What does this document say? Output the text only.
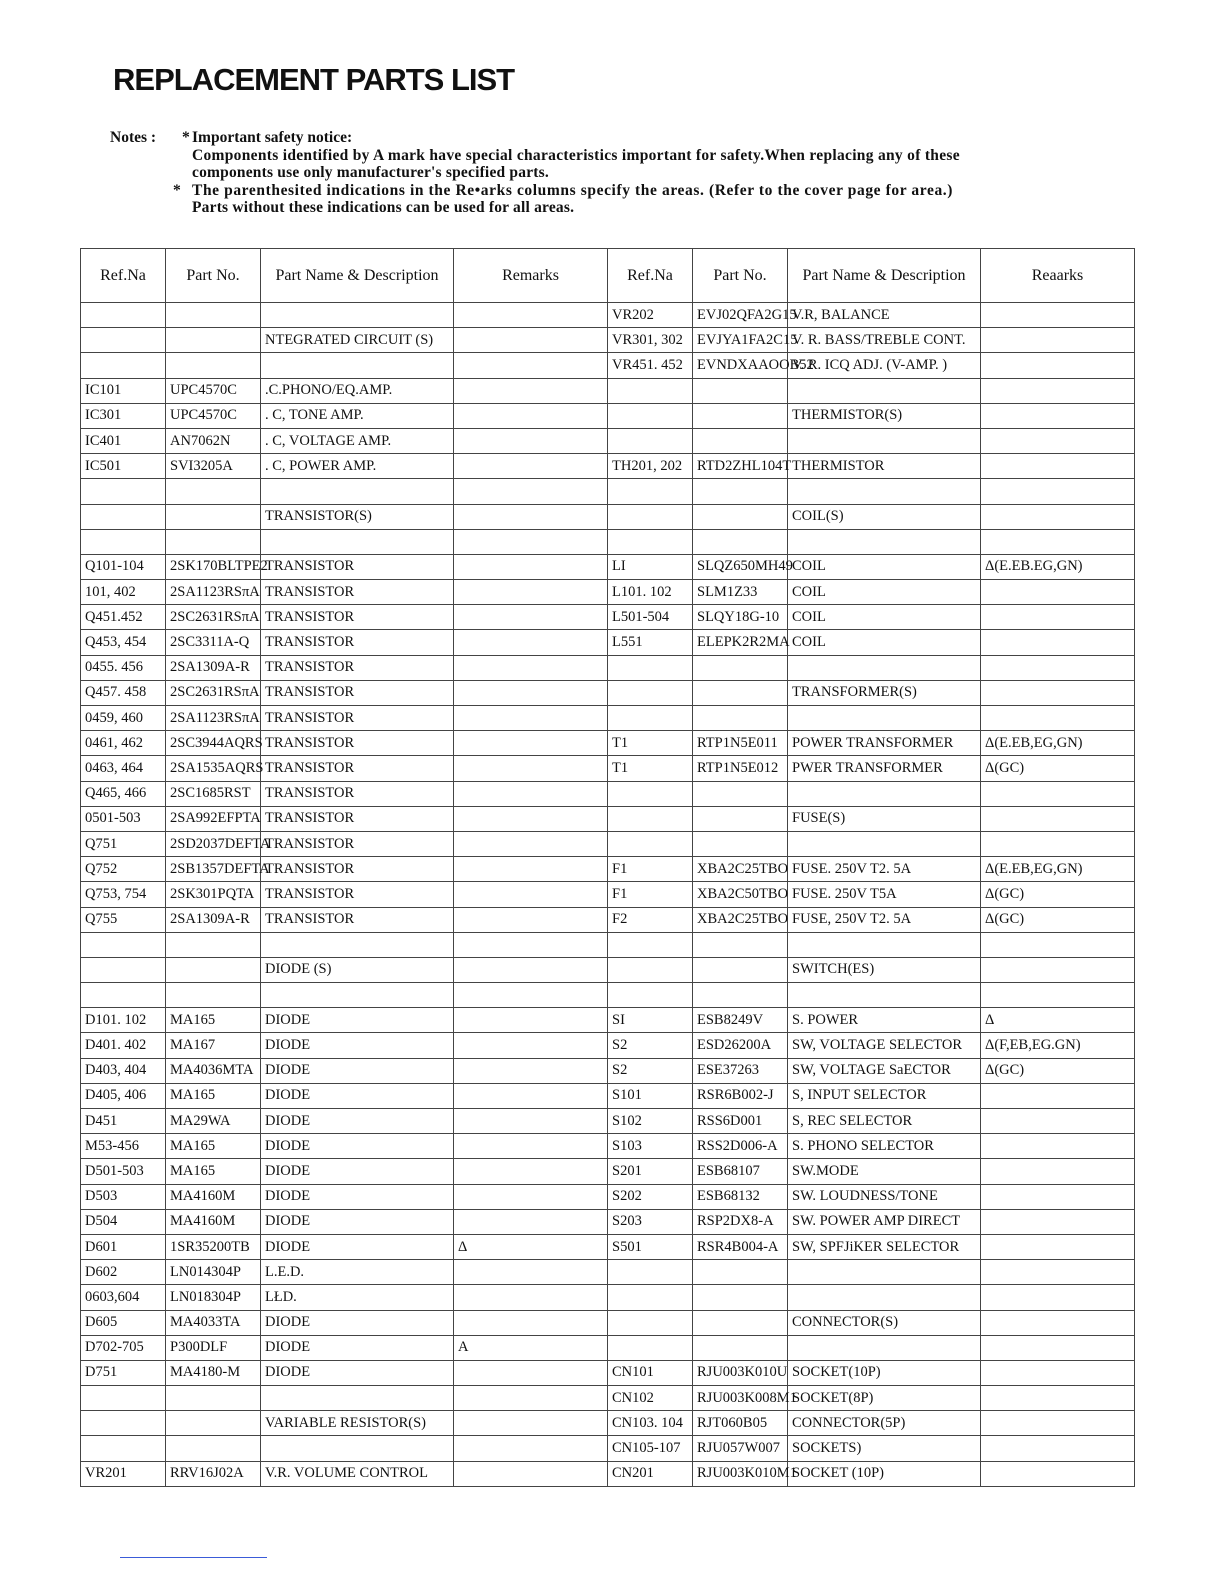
REPLACEMENT PARTS LIST
Notes : * Important safety notice:
Components identified by A mark have special characteristics important for safety.When replacing any of these
components use only manufacturer's specified parts.
* The parenthesited indications in the Re•arks columns specify the areas. (Refer to the cover page for area.)
Parts without these indications can be used for all areas.
Ref.Na	Part No.	Part Name & Description	Remarks	Ref.Na	Part No.	Part Name & Description	Reaarks
				VR202	EVJ02QFA2G15	V.R, BALANCE	
		NTEGRATED CIRCUIT (S)		VR301, 302	EVJYA1FA2C15	V. R. BASS/TREBLE CONT.	
				VR451. 452	EVNDXAAOOB52	V. R. ICQ ADJ. (V-AMP. )	
IC101	UPC4570C	.C.PHONO/EQ.AMP.					
IC301	UPC4570C	. C, TONE AMP.				THERMISTOR(S)	
IC401	AN7062N	. C, VOLTAGE AMP.					
IC501	SVI3205A	. C, POWER AMP.		TH201, 202	RTD2ZHL104T	THERMISTOR	

		TRANSISTOR(S)				COIL(S)	

Q101-104	2SK170BLTPE2	TRANSISTOR		LI	SLQZ650MH49	COIL	Δ(E.EB.EG,GN)
101, 402	2SA1123RSπA	TRANSISTOR		L101. 102	SLM1Z33	COIL	
Q451.452	2SC2631RSπA	TRANSISTOR		L501-504	SLQY18G-10	COIL	
Q453, 454	2SC3311A-Q	TRANSISTOR		L551	ELEPK2R2MA	COIL	
0455. 456	2SA1309A-R	TRANSISTOR					
Q457. 458	2SC2631RSπA	TRANSISTOR				TRANSFORMER(S)	
0459, 460	2SA1123RSπA	TRANSISTOR					
0461, 462	2SC3944AQRS	TRANSISTOR		T1	RTP1N5E011	POWER TRANSFORMER	Δ(E.EB,EG,GN)
0463, 464	2SA1535AQRS	TRANSISTOR		T1	RTP1N5E012	PWER TRANSFORMER	Δ(GC)
Q465, 466	2SC1685RST	TRANSISTOR					
0501-503	2SA992EFPTA	TRANSISTOR				FUSE(S)	
Q751	2SD2037DEFTA	TRANSISTOR					
Q752	2SB1357DEFTA	TRANSISTOR		F1	XBA2C25TBO	FUSE. 250V T2. 5A	Δ(E.EB,EG,GN)
Q753, 754	2SK301PQTA	TRANSISTOR		F1	XBA2C50TBO	FUSE. 250V T5A	Δ(GC)
Q755	2SA1309A-R	TRANSISTOR		F2	XBA2C25TBO	FUSE, 250V T2. 5A	Δ(GC)

		DIODE (S)				SWITCH(ES)	

D101. 102	MA165	DIODE		SI	ESB8249V	S. POWER	Δ
D401. 402	MA167	DIODE		S2	ESD26200A	SW, VOLTAGE SELECTOR	Δ(F,EB,EG.GN)
D403, 404	MA4036MTA	DIODE		S2	ESE37263	SW, VOLTAGE SaECTOR	Δ(GC)
D405, 406	MA165	DIODE		S101	RSR6B002-J	S, INPUT SELECTOR	
D451	MA29WA	DIODE		S102	RSS6D001	S, REC SELECTOR	
M53-456	MA165	DIODE		S103	RSS2D006-A	S. PHONO SELECTOR	
D501-503	MA165	DIODE		S201	ESB68107	SW.MODE	
D503	MA4160M	DIODE		S202	ESB68132	SW. LOUDNESS/TONE	
D504	MA4160M	DIODE		S203	RSP2DX8-A	SW. POWER AMP DIRECT	
D601	1SR35200TB	DIODE	Δ	S501	RSR4B004-A	SW, SPFJiKER SELECTOR	
D602	LN014304P	L.E.D.					
0603,604	LN018304P	LŁD.					
D605	MA4033TA	DIODE				CONNECTOR(S)	
D702-705	P300DLF	DIODE	A				
D751	MA4180-M	DIODE		CN101	RJU003K010U	SOCKET(10P)	
				CN102	RJU003K008M1	SOCKET(8P)	
		VARIABLE RESISTOR(S)		CN103. 104	RJT060B05	CONNECTOR(5P)	
				CN105-107	RJU057W007	SOCKETS)	
VR201	RRV16J02A	V.R. VOLUME CONTROL		CN201	RJU003K010M1	SOCKET (10P)	
